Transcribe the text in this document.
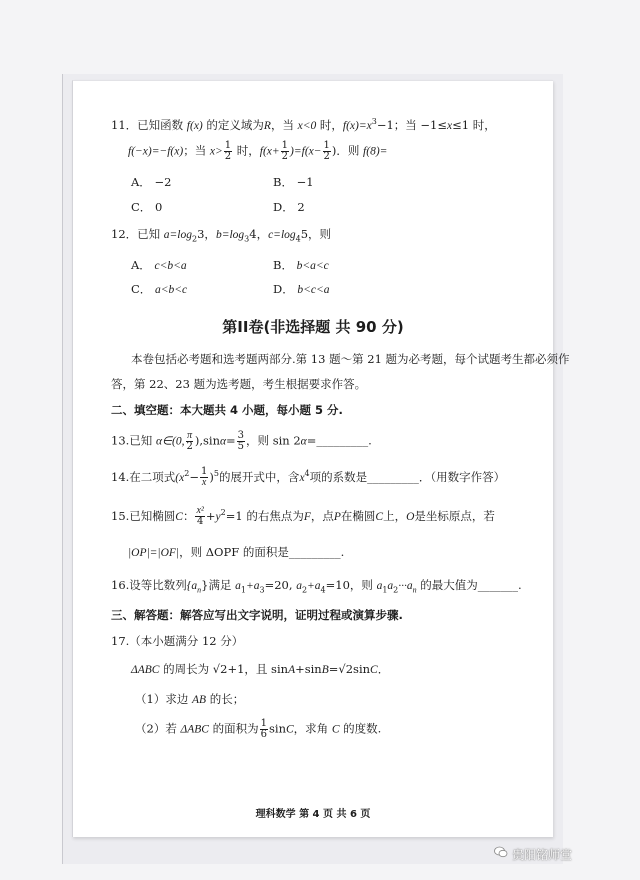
11．已知函数 f(x) 的定义域为R，当 x<0 时，$f(x)=x^3-1$；当 −1≤x≤1 时，
f(−x)=−f(x)；当 $x> \frac{1}{2}$ 时，$f(x+ \frac{1}{2} )=f(x- \frac{1}{2}$ )．则 f(8)=
A． −2	B． −1
C． 0	D． 2
12．已知 $a=\log_23$，$b=\log_34$，$c=\log_45$，则
A． c<b<a	B． b<a<c
C． a<b<c	D． b<c<a
第II卷(非选择题 共 90 分)
本卷包括必考题和选考题两部分.第 13 题～第 21 题为必考题，每个试题考生都必须作
答，第 22、23 题为选考题，考生根据要求作答。
二、填空题：本大题共 4 小题，每小题 5 分.
13.已知 α∈(0, $\frac{\pi}{2} ),\sin\alpha= \frac{3}{5}$ ，则 sin 2α=_________.
14.在二项式$(x^2- \frac{1}{x} )^5$的展开式中，含$x^4$项的系数是_________．（用数字作答）
15.已知椭圆C： $\frac{\text{x²}}{4} +y^2=1$ 的右焦点为F，点P在椭圆C上，O是坐标原点，若
|OP|=|OF|，则 ΔOPF 的面积是_________.
16.设等比数列$\{a_n\}$满足 $a_1+a_3=20$, $a_2+a_4=10$，则 $a_1a_2\cdot\cdot\cdot a_n$ 的最大值为_______.
三、解答题：解答应写出文字说明，证明过程或演算步骤.
17.（本小题满分 12 分）
ΔABC 的周长为 √2+1，且 sinA+sinB=√2sinC．
（1）求边 AB 的长；
（2）若 ΔABC 的面积为 $\frac{1}{6}$ sinC，求角 C 的度数.
理科数学 第 4 页 共 6 页
贵阳铭师堂
